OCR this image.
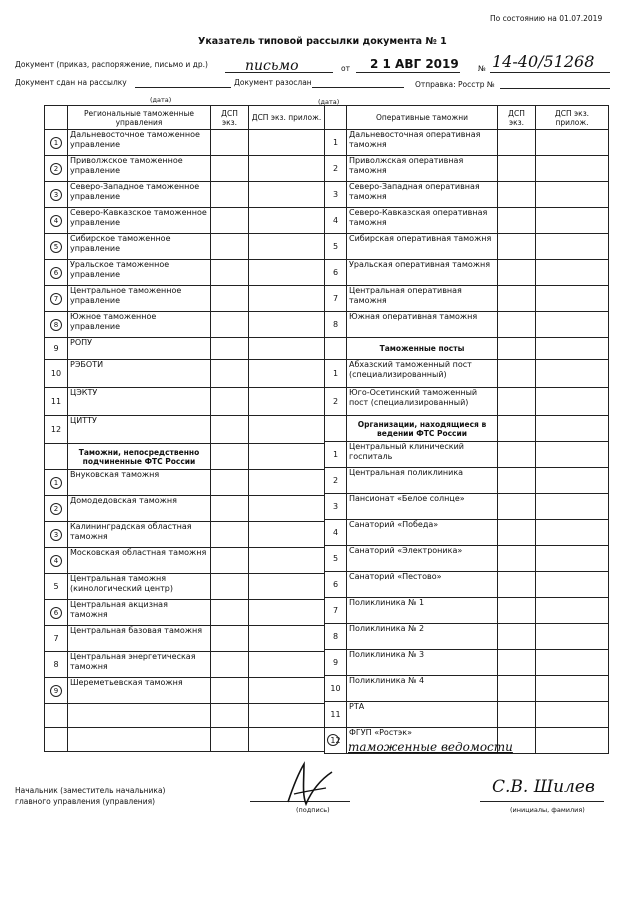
По состоянию на 01.07.2019
Указатель типовой рассылки документа № 1
Документ (приказ, распоряжение, письмо и др.)	письмо	от 2 1 АВГ 2019	№ 14-40/51268
Документ сдан на рассылку	Документ разослан	Отправка: Росстр №
(дата)	(дата)
	Региональные таможенные управления	ДСП экз.	ДСП экз. прилож.
1	Дальневосточное таможенное управление		
2	Приволжское таможенное управление		
3	Северо-Западное таможенное управление		
4	Северо-Кавказское таможенное управление		
5	Сибирское таможенное управление		
6	Уральское таможенное управление		
7	Центральное таможенное управление		
8	Южное таможенное управление		
9	РОПУ		
10	РЭБОТИ		
11	ЦЭКТУ		
12	ЦИТТУ		
	Таможни, непосредственно подчиненные ФТС России		
1	Внуковская таможня		
2	Домодедовская таможня		
3	Калининградская областная таможня		
4	Московская областная таможня		
5	Центральная таможня (кинологический центр)		
6	Центральная акцизная таможня		
7	Центральная базовая таможня		
8	Центральная энергетическая таможня		
9	Шереметьевская таможня		

	Оперативные таможни	ДСП экз.	ДСП экз. прилож.
1	Дальневосточная оперативная таможня		
2	Приволжская оперативная таможня		
3	Северо-Западная оперативная таможня		
4	Северо-Кавказская оперативная таможня		
5	Сибирская оперативная таможня		
6	Уральская оперативная таможня		
7	Центральная оперативная таможня		
8	Южная оперативная таможня		
	Таможенные посты		
1	Абхазский таможенный пост (специализированный)		
2	Юго-Осетинский таможенный пост (специализированный)		
	Организации, находящиеся в ведении ФТС России		
1	Центральный клинический госпиталь		
2	Центральная поликлиника		
3	Пансионат «Белое солнце»		
4	Санаторий «Победа»		
5	Санаторий «Электроника»		
6	Санаторий «Пестово»		
7	Поликлиника № 1		
8	Поликлиника № 2		
9	Поликлиника № 3		
10	Поликлиника № 4		
11	РТА		
12	ФГУП «Ростэк»		
таможенные ведомости
Начальник (заместитель начальника)
главного управления (управления)
(подпись)
С.В. Шилев
(инициалы, фамилия)
